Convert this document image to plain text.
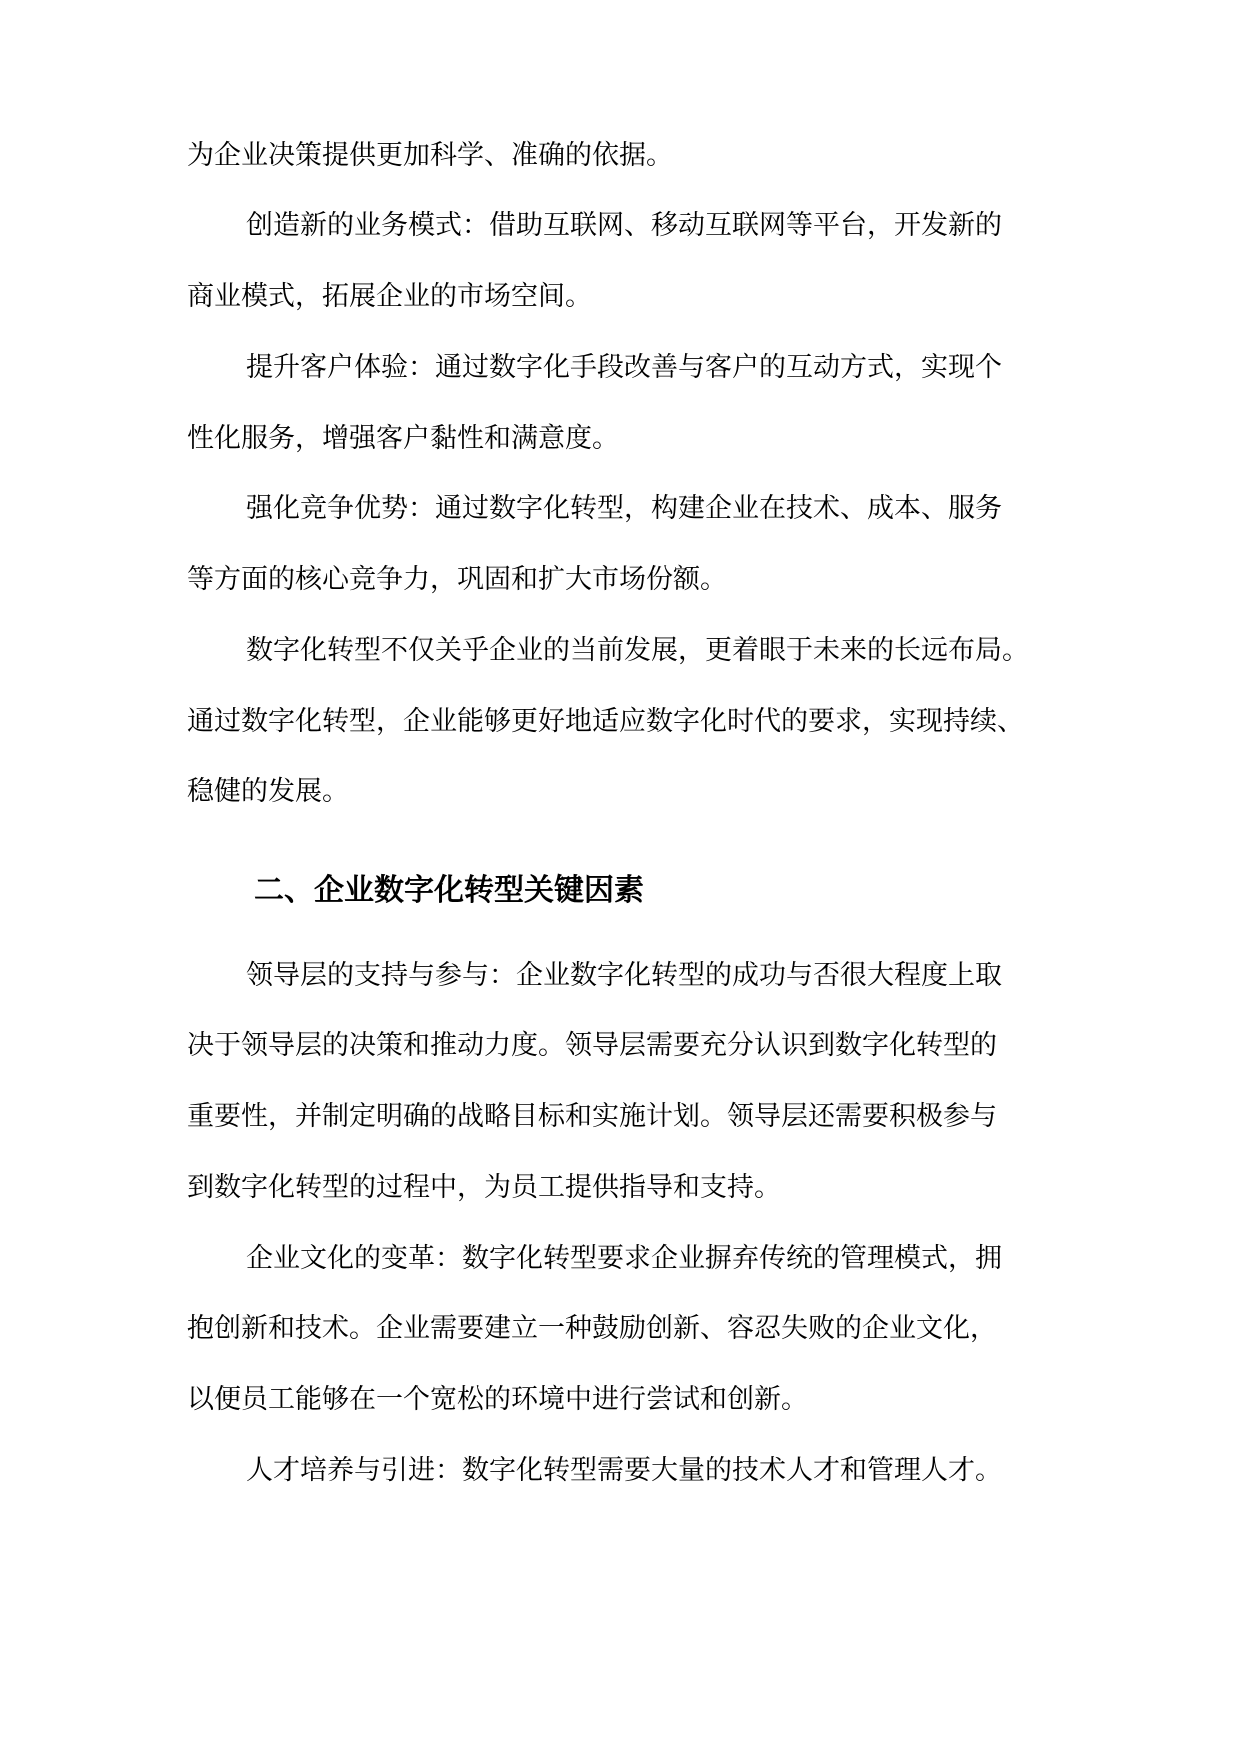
为企业决策提供更加科学、准确的依据。
创造新的业务模式：借助互联网、移动互联网等平台，开发新的
商业模式，拓展企业的市场空间。
提升客户体验：通过数字化手段改善与客户的互动方式，实现个
性化服务，增强客户黏性和满意度。
强化竞争优势：通过数字化转型，构建企业在技术、成本、服务
等方面的核心竞争力，巩固和扩大市场份额。
数字化转型不仅关乎企业的当前发展，更着眼于未来的长远布局。
通过数字化转型，企业能够更好地适应数字化时代的要求，实现持续、
稳健的发展。
二、企业数字化转型关键因素
领导层的支持与参与：企业数字化转型的成功与否很大程度上取
决于领导层的决策和推动力度。领导层需要充分认识到数字化转型的
重要性，并制定明确的战略目标和实施计划。领导层还需要积极参与
到数字化转型的过程中，为员工提供指导和支持。
企业文化的变革：数字化转型要求企业摒弃传统的管理模式，拥
抱创新和技术。企业需要建立一种鼓励创新、容忍失败的企业文化，
以便员工能够在一个宽松的环境中进行尝试和创新。
人才培养与引进：数字化转型需要大量的技术人才和管理人才。
